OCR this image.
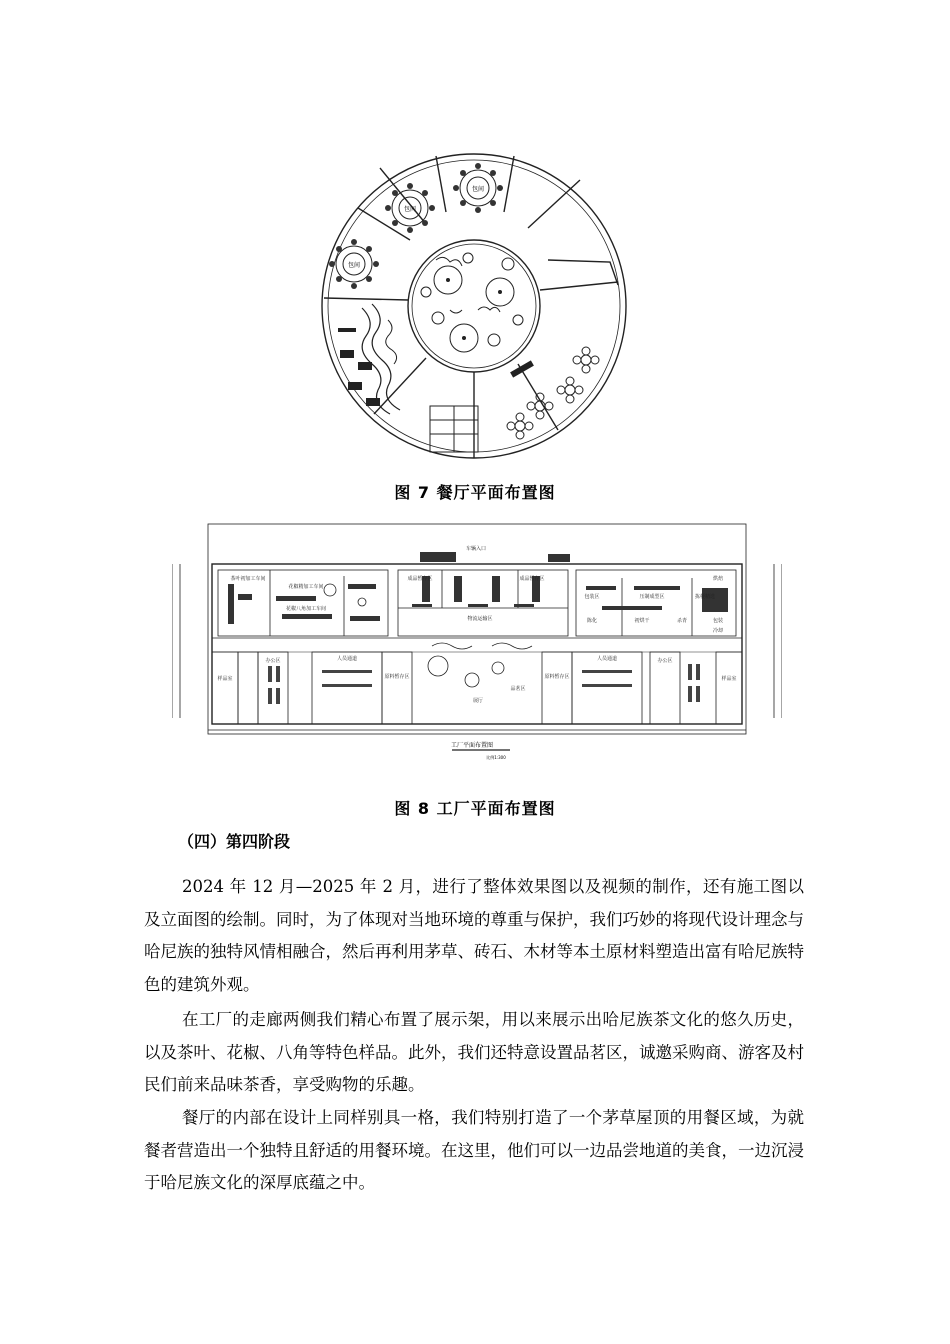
包间
包间
包间
图 7 餐厅平面布置图
车辆入口
成品暂存区	成品暂存区
物流运输区
样品室	样品室
办公区	办公区
人员通道	人员通道
原料暂存区	原料暂存区
品茗区
展厅
包装区	压制成型区	拣梗精选
烘焙
陈化	初烘干	杀青	包装
冷却
茶叶初加工车间
花椒精加工车间
花椒八角加工车间
工厂平面布置图
比例1:300
图 8 工厂平面布置图
（四）第四阶段

2024 年 12 月—2025 年 2 月，进行了整体效果图以及视频的制作，还有施工图以及立面图的绘制。同时，为了体现对当地环境的尊重与保护，我们巧妙的将现代设计理念与哈尼族的独特风情相融合，然后再利用茅草、砖石、木材等本土原材料塑造出富有哈尼族特色的建筑外观。

在工厂的走廊两侧我们精心布置了展示架，用以来展示出哈尼族茶文化的悠久历史，以及茶叶、花椒、八角等特色样品。此外，我们还特意设置品茗区，诚邀采购商、游客及村民们前来品味茶香，享受购物的乐趣。

餐厅的内部在设计上同样别具一格，我们特别打造了一个茅草屋顶的用餐区域，为就餐者营造出一个独特且舒适的用餐环境。在这里，他们可以一边品尝地道的美食，一边沉浸于哈尼族文化的深厚底蕴之中。
